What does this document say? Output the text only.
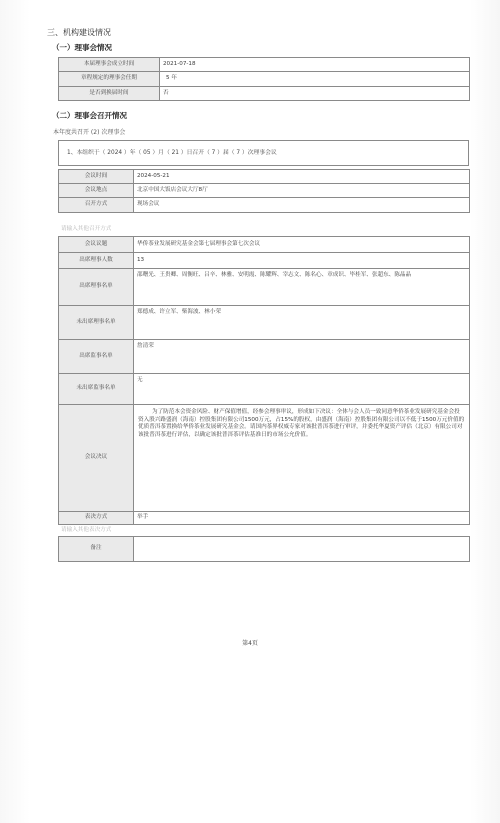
三、机构建设情况
（一）理事会情况
本届理事会成立时间	2021-07-18
章程规定的理事会任期	5 年
是否到换届时间	否
（二）理事会召开情况
本年度共召开 (2) 次理事会
1、本组织于（ 2024 ）年（ 05 ）月（ 21 ）日召开（ 7 ）届（ 7 ）次理事会议
会议时间	2024-05-21
会议地点	北京中国大饭店会议大厅8厅
召开方式	现场会议
请输入其他召开方式
会议议题	华侨茶业发展研究基金会第七届理事会第七次会议
出席理事人数	13
出席理事名单	邵曙光、王贵卿、周衡旺、吕辛、林雅、安明霞、陈耀辉、宰志文、陈名心、章成识、毕桂军、张超东、陈晶晶
未出席理事名单	郑德成、许立军、柴海波、林小荣
出席监事名单	詹清荣
未出席监事名单	无
会议决议	为了防范本会资金风险、财产保值增值，经参会理事审议，形成如下决议：全体与会人员一致同意华侨茶业发展研究基金会投资入股兴路盛润（海南）控股集团有限公司1500万元，占15%的股权，由盛润（海南）控股集团有限公司以不低于1500万元价值的优质普洱茶置换给华侨茶业发展研究基金会。请国内茶界权威专家对该批普洱茶进行审评，并委托华夏资产评估（北京）有限公司对该批普洱茶进行评估，以确定该批普洱茶评估基准日的市场公允价值。

表决方式	举手
请输入其他表决方式
备注	
第4页
